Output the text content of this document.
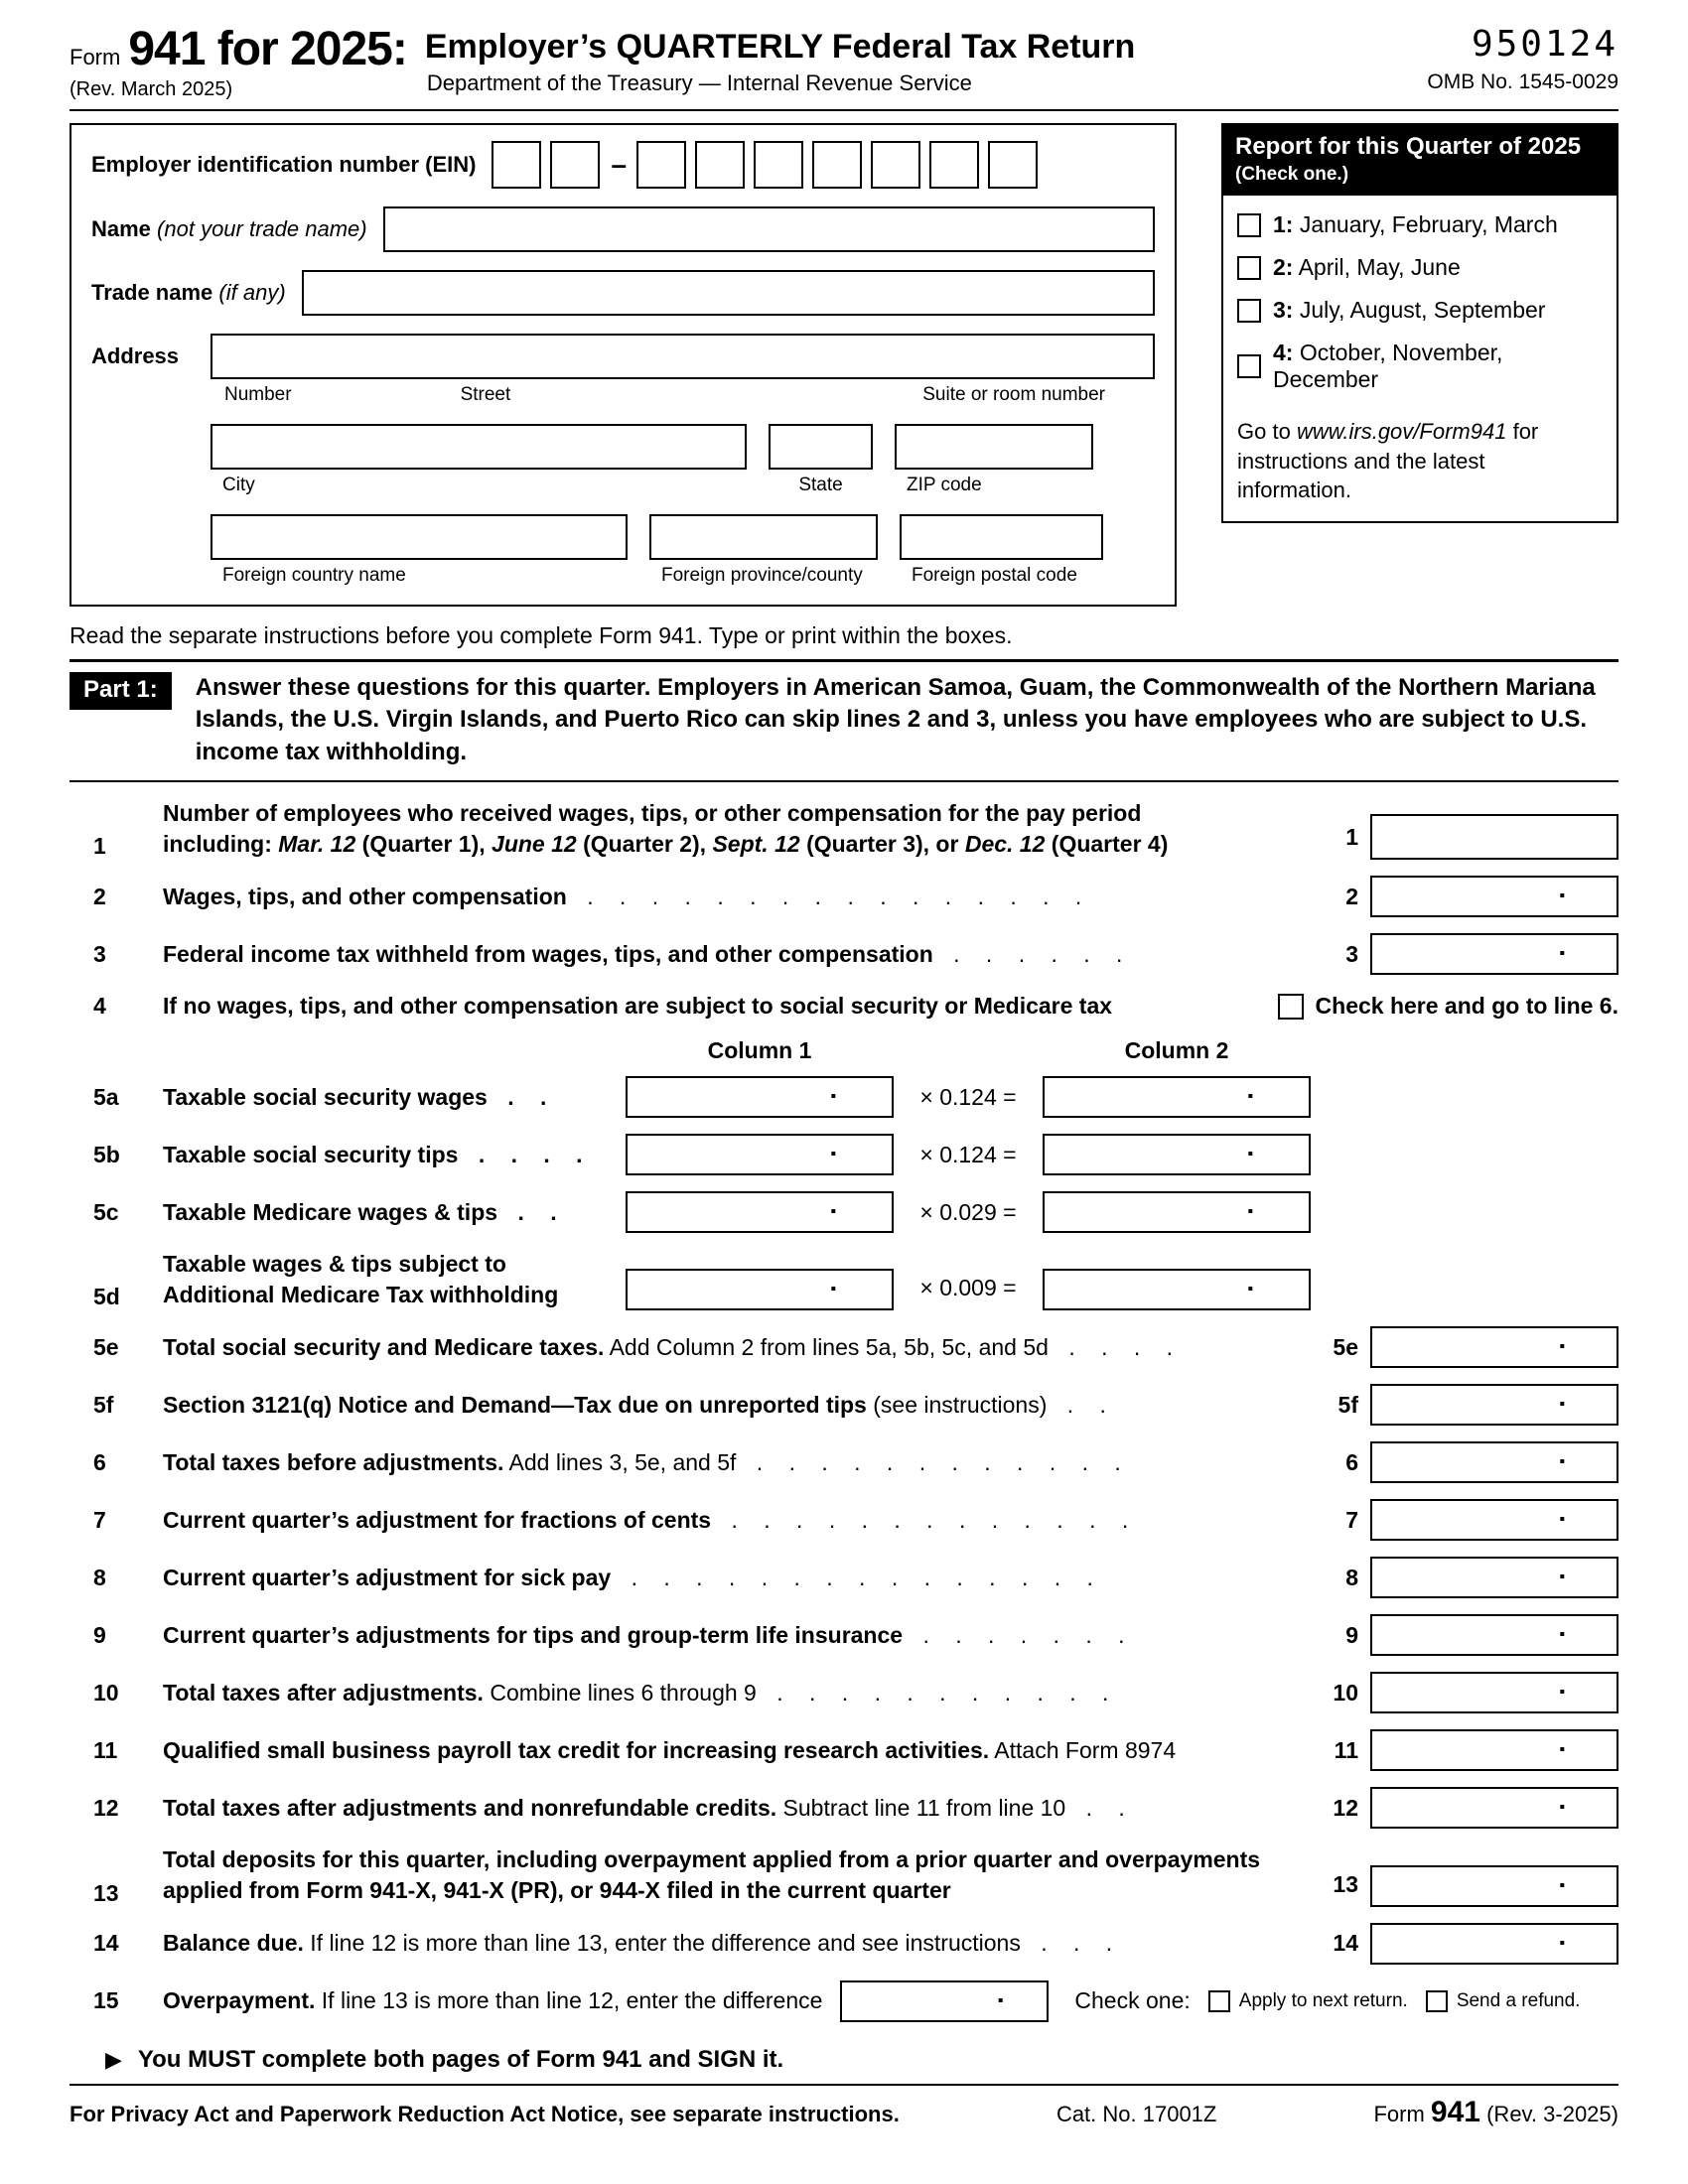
Form 941 for 2025:
(Rev. March 2025)
Employer’s QUARTERLY Federal Tax Return
Department of the Treasury — Internal Revenue Service
950124
OMB No. 1545-0029
Employer identification number (EIN)	–
Name (not your trade name)
Trade name (if any)
Address
Number	Street	Suite or room number
City	State	ZIP code
Foreign country name	Foreign province/county	Foreign postal code
Report for this Quarter of 2025
(Check one.)
1: January, February, March
2: April, May, June
3: July, August, September
4: October, November, December
Go to www.irs.gov/Form941 for instructions and the latest information.
Read the separate instructions before you complete Form 941. Type or print within the boxes.
Part 1:	Answer these questions for this quarter. Employers in American Samoa, Guam, the Commonwealth of the Northern Mariana Islands, the U.S. Virgin Islands, and Puerto Rico can skip lines 2 and 3, unless you have employees who are subject to U.S. income tax withholding.
1
Number of employees who received wages, tips, or other compensation for the pay period
including: Mar. 12 (Quarter 1), June 12 (Quarter 2), Sept. 12 (Quarter 3), or Dec. 12 (Quarter 4)	1
2	Wages, tips, and other compensation . . . . . . . . . . . . . . . .	2	▪
3	Federal income tax withheld from wages, tips, and other compensation . . . . . .	3	▪
4	If no wages, tips, and other compensation are subject to social security or Medicare tax	Check here and go to line 6.
Column 1	Column 2
5a	Taxable social security wages . .	▪	× 0.124 =	▪
5b	Taxable social security tips . . . .	▪	× 0.124 =	▪
5c	Taxable Medicare wages & tips . .	▪	× 0.029 =	▪
5d
Taxable wages & tips subject to
Additional Medicare Tax withholding	▪	× 0.009 =	▪
5e	Total social security and Medicare taxes. Add Column 2 from lines 5a, 5b, 5c, and 5d . . . .	5e	▪
5f	Section 3121(q) Notice and Demand—Tax due on unreported tips (see instructions) . .	5f	▪
6	Total taxes before adjustments. Add lines 3, 5e, and 5f . . . . . . . . . . . .	6	▪
7	Current quarter’s adjustment for fractions of cents . . . . . . . . . . . . .	7	▪
8	Current quarter’s adjustment for sick pay . . . . . . . . . . . . . . .	8	▪
9	Current quarter’s adjustments for tips and group-term life insurance . . . . . . .	9	▪
10	Total taxes after adjustments. Combine lines 6 through 9 . . . . . . . . . . .	10	▪
11	Qualified small business payroll tax credit for increasing research activities. Attach Form 8974	11	▪
12	Total taxes after adjustments and nonrefundable credits. Subtract line 11 from line 10 . .	12	▪
13
Total deposits for this quarter, including overpayment applied from a prior quarter and overpayments applied from Form 941-X, 941-X (PR), or 944-X filed in the current quarter	13	▪
14	Balance due. If line 12 is more than line 13, enter the difference and see instructions . . .	14	▪
15	Overpayment. If line 13 is more than line 12, enter the difference	▪	Check one:	Apply to next return.	Send a refund.
▶ You MUST complete both pages of Form 941 and SIGN it.
For Privacy Act and Paperwork Reduction Act Notice, see separate instructions.	Cat. No. 17001Z	Form 941 (Rev. 3-2025)
